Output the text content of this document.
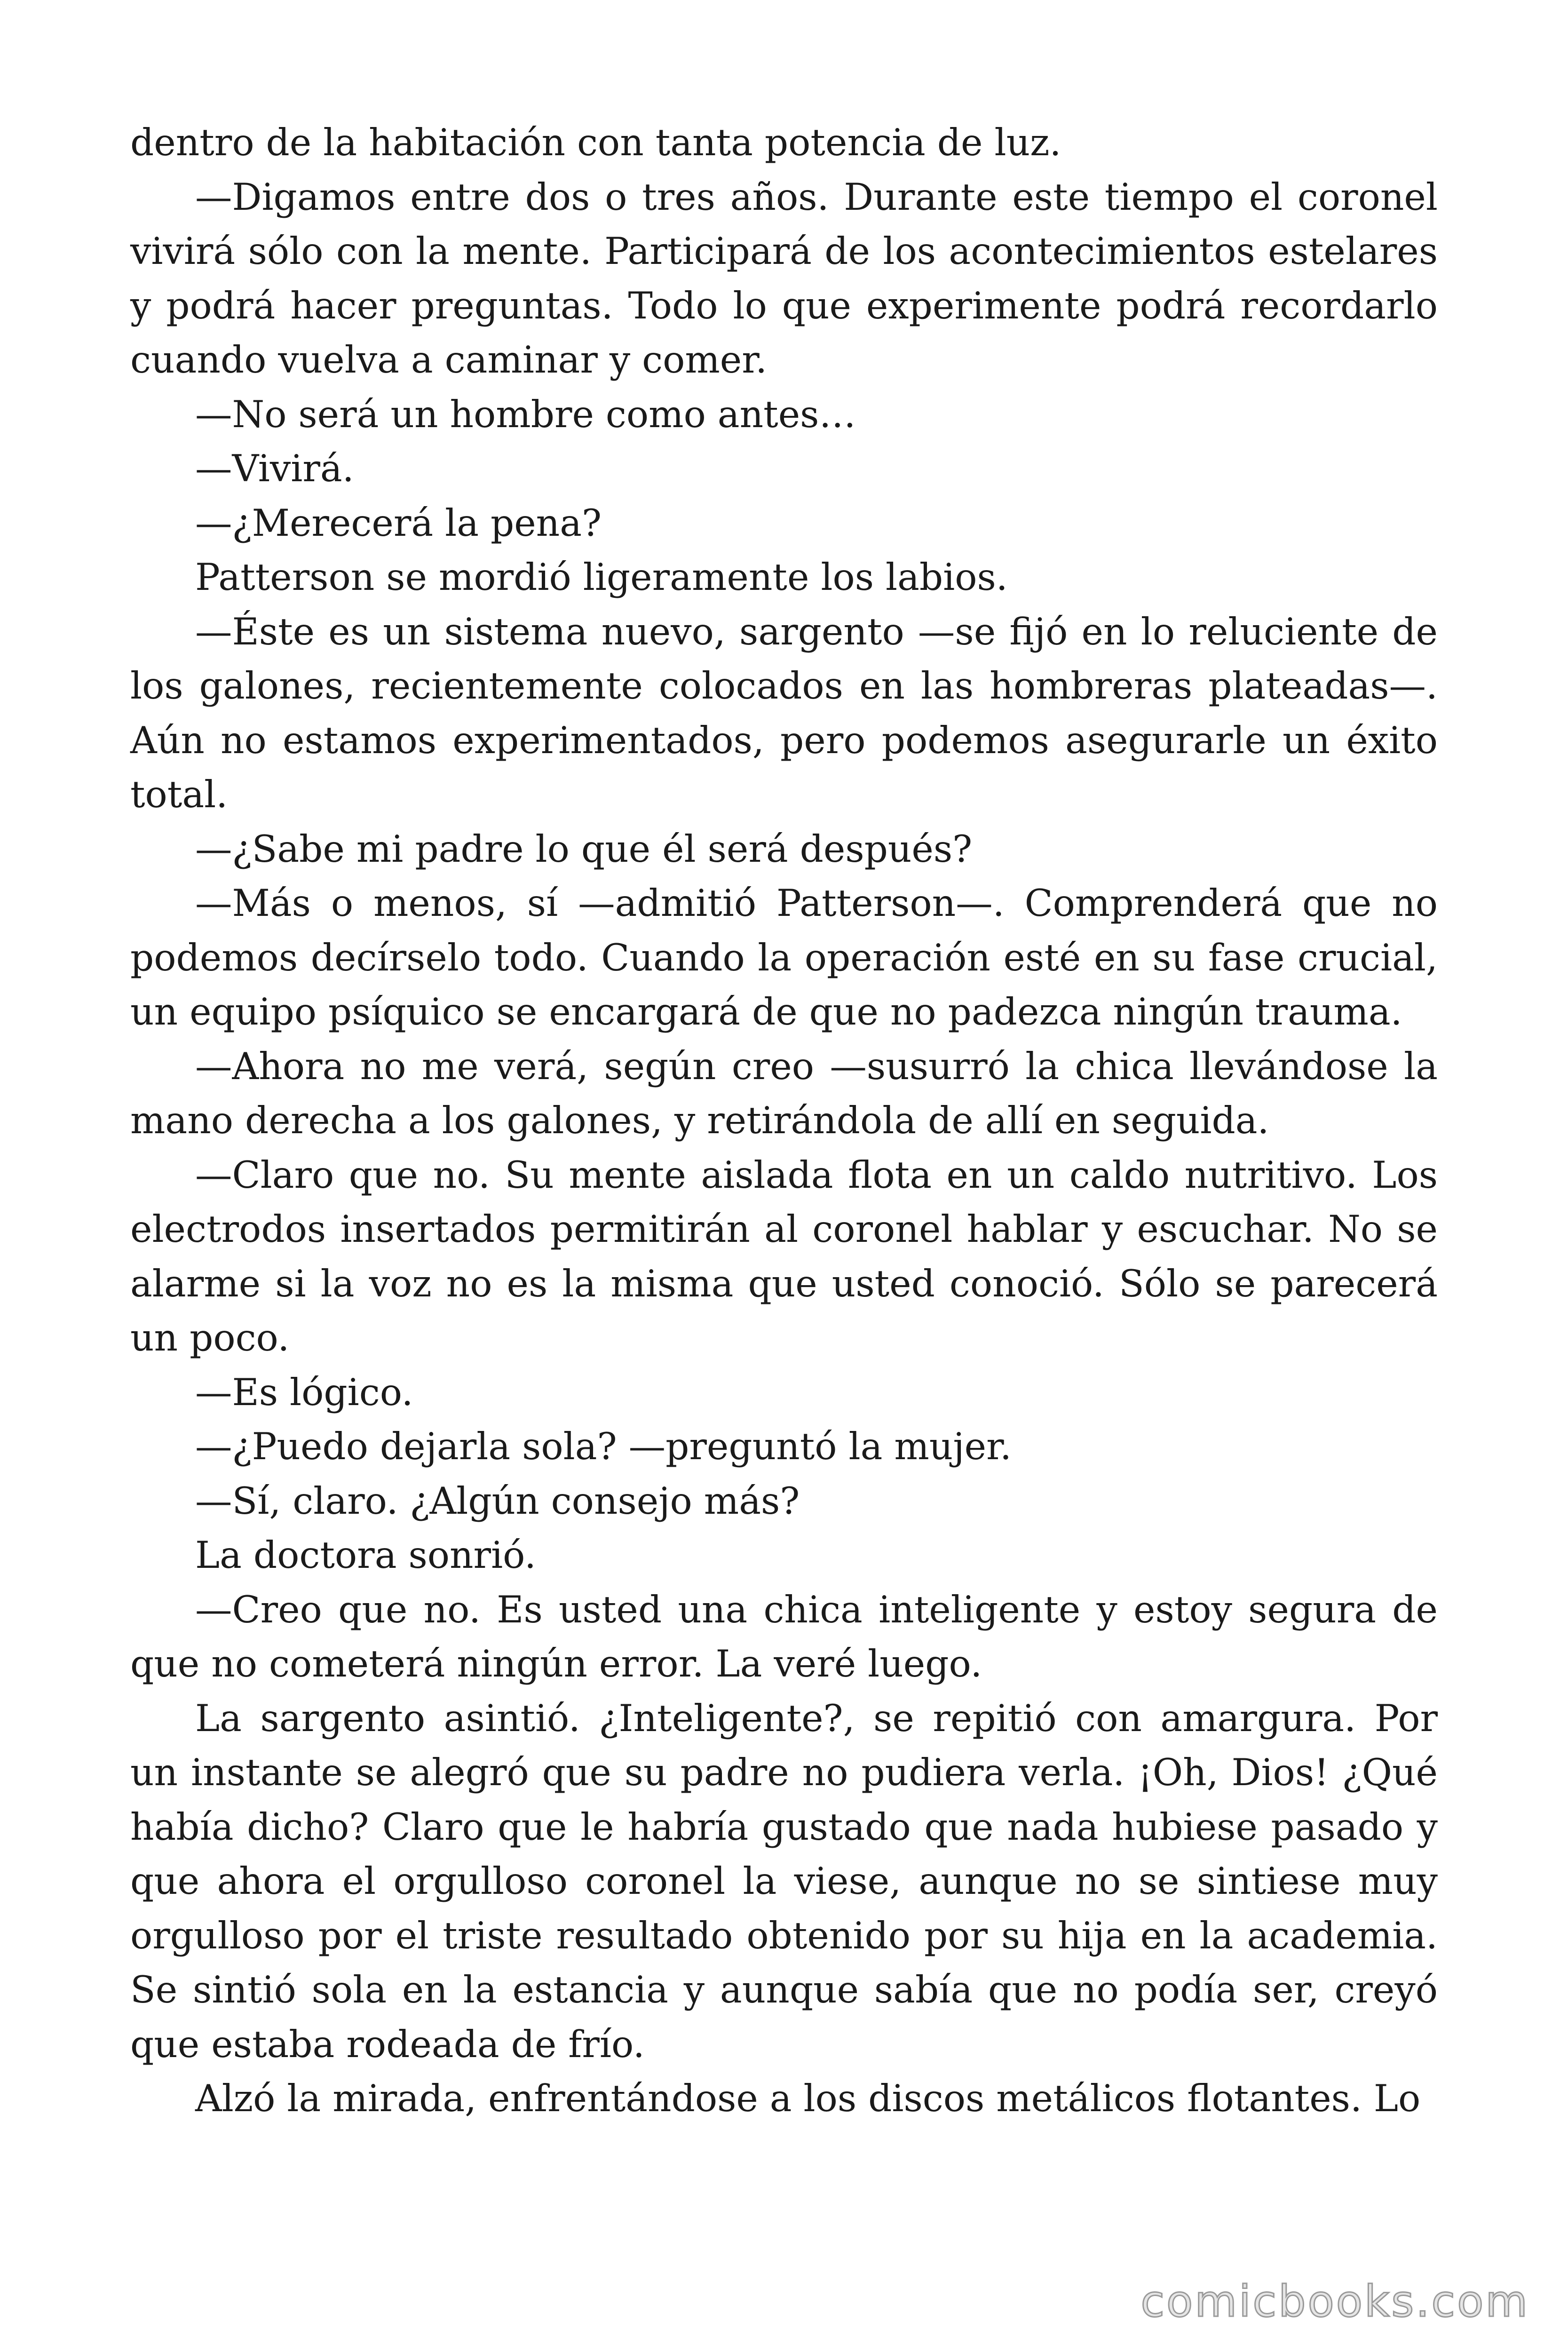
dentro de la habitación con tanta potencia de luz.

—Digamos entre dos o tres años. Durante este tiempo el coronel vivirá sólo con la mente. Participará de los acontecimientos estelares y podrá hacer preguntas. Todo lo que experimente podrá recordarlo cuando vuelva a caminar y comer.

—No será un hombre como antes…

—Vivirá.

—¿Merecerá la pena?

Patterson se mordió ligeramente los labios.

—Éste es un sistema nuevo, sargento —se fijó en lo reluciente de los galones, recientemente colocados en las hombreras plateadas—. Aún no estamos experimentados, pero podemos asegurarle un éxito total.

—¿Sabe mi padre lo que él será después?

—Más o menos, sí —admitió Patterson—. Comprenderá que no podemos decírselo todo. Cuando la operación esté en su fase crucial, un equipo psíquico se encargará de que no padezca ningún trauma.

—Ahora no me verá, según creo —susurró la chica llevándose la mano derecha a los galones, y retirándola de allí en seguida.

—Claro que no. Su mente aislada flota en un caldo nutritivo. Los electrodos insertados permitirán al coronel hablar y escuchar. No se alarme si la voz no es la misma que usted conoció. Sólo se parecerá un poco.

—Es lógico.

—¿Puedo dejarla sola? —preguntó la mujer.

—Sí, claro. ¿Algún consejo más?

La doctora sonrió.

—Creo que no. Es usted una chica inteligente y estoy segura de que no cometerá ningún error. La veré luego.

La sargento asintió. ¿Inteligente?, se repitió con amargura. Por un instante se alegró que su padre no pudiera verla. ¡Oh, Dios! ¿Qué había dicho? Claro que le habría gustado que nada hubiese pasado y que ahora el orgulloso coronel la viese, aunque no se sintiese muy orgulloso por el triste resultado obtenido por su hija en la academia. Se sintió sola en la estancia y aunque sabía que no podía ser, creyó que estaba rodeada de frío.

Alzó la mirada, enfrentándose a los discos metálicos flotantes. Lo

comicbooks.com
